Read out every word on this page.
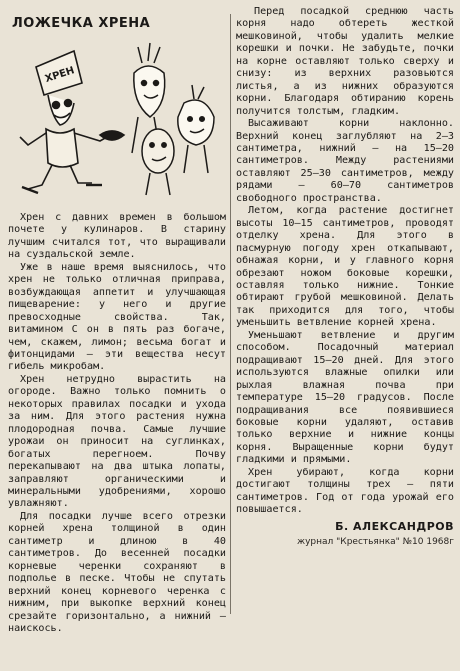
ЛОЖЕЧКА ХРЕНА
ХРЕН

Хрен с давних времен в большом почете у кулинаров. В старину лучшим считался тот, что выращивали на суздальской земле.

Уже в наше время выяснилось, что хрен не только отличная приправа, возбуждающая аппетит и улучшающая пищеварение: у него и другие превосходные свойства. Так, витамином С он в пять раз богаче, чем, скажем, лимон; весьма богат и фитонцидами — эти вещества несут гибель микробам.

Хрен нетрудно вырастить на огороде. Важно только помнить о некоторых правилах посадки и ухода за ним. Для этого растения нужна плодородная почва. Самые лучшие урожаи он приносит на суглинках, богатых перегноем. Почву перекапывают на два штыка лопаты, заправляют органическими и минеральными удобрениями, хорошо увлажняют.

Для посадки лучше всего отрезки корней хрена толщиной в один сантиметр и длиною в 40 сантиметров. До весенней посадки корневые черенки сохраняют в подполье в песке. Чтобы не спутать верхний конец корневого черенка с нижним, при выкопке верхний конец срезайте горизонтально, а нижний — наискось.

Перед посадкой среднюю часть корня надо обтереть жесткой мешковиной, чтобы удалить мелкие корешки и почки. Не забудьте, почки на корне оставляют только сверху и снизу: из верхних разовьются листья, а из нижних образуются корни. Благодаря обтиранию корень получится толстым, гладким.

Высаживают корни наклонно. Верхний конец заглубляют на 2—3 сантиметра, нижний — на 15—20 сантиметров. Между растениями оставляют 25—30 сантиметров, между рядами — 60—70 сантиметров свободного пространства.

Летом, когда растение достигнет высоты 10—15 сантиметров, проводят отделку хрена. Для этого в пасмурную погоду хрен откапывают, обнажая корни, и у главного корня обрезают ножом боковые корешки, оставляя только нижние. Тонкие обтирают грубой мешковиной. Делать так приходится для того, чтобы уменьшить ветвление корней хрена.

Уменьшают ветвление и другим способом. Посадочный материал подращивают 15—20 дней. Для этого используются влажные опилки или рыхлая влажная почва при температуре 15—20 градусов. После подращивания все появившиеся боковые корни удаляют, оставив только верхние и нижние концы корня. Выращенные корни будут гладкими и прямыми.

Хрен убирают, когда корни достигают толщины трех — пяти сантиметров. Год от года урожай его повышается.

Б. АЛЕКСАНДРОВ
журнал "Крестьянка" №10 1968г
